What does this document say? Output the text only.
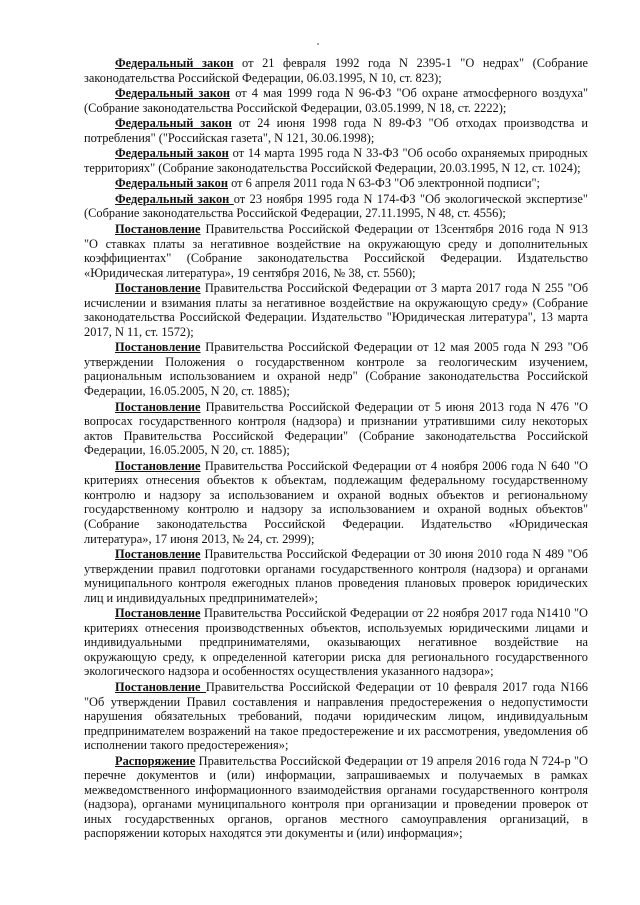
Федеральный закон от 21 февраля 1992 года N 2395-1 "О недрах" (Собрание законодательства Российской Федерации, 06.03.1995, N 10, ст. 823);

Федеральный закон от 4 мая 1999 года N 96-ФЗ "Об охране атмосферного воздуха" (Собрание законодательства Российской Федерации, 03.05.1999, N 18, ст. 2222);

Федеральный закон от 24 июня 1998 года N 89-ФЗ "Об отходах производства и потребления" ("Российская газета", N 121, 30.06.1998);

Федеральный закон от 14 марта 1995 года N 33-ФЗ "Об особо охраняемых природных территориях" (Собрание законодательства Российской Федерации, 20.03.1995, N 12, ст. 1024);

Федеральный закон от 6 апреля 2011 года N 63-ФЗ "Об электронной подписи";

Федеральный закон от 23 ноября 1995 года N 174-ФЗ "Об экологической экспертизе" (Собрание законодательства Российской Федерации, 27.11.1995, N 48, ст. 4556);

Постановление Правительства Российской Федерации от 13сентября 2016 года N 913 "О ставках платы за негативное воздействие на окружающую среду и дополнительных коэффициентах" (Собрание законодательства Российской Федерации. Издательство «Юридическая литература», 19 сентября 2016, № 38, ст. 5560);

Постановление Правительства Российской Федерации от 3 марта 2017 года N 255 "Об исчислении и взимания платы за негативное воздействие на окружающую среду» (Собрание законодательства Российской Федерации. Издательство "Юридическая литература", 13 марта 2017, N 11, ст. 1572);

Постановление Правительства Российской Федерации от 12 мая 2005 года N 293 "Об утверждении Положения о государственном контроле за геологическим изучением, рациональным использованием и охраной недр" (Собрание законодательства Российской Федерации, 16.05.2005, N 20, ст. 1885);

Постановление Правительства Российской Федерации от 5 июня 2013 года N 476 "О вопросах государственного контроля (надзора) и признании утратившими силу некоторых актов Правительства Российской Федерации" (Собрание законодательства Российской Федерации, 16.05.2005, N 20, ст. 1885);

Постановление Правительства Российской Федерации от 4 ноября 2006 года N 640 "О критериях отнесения объектов к объектам, подлежащим федеральному государственному контролю и надзору за использованием и охраной водных объектов и региональному государственному контролю и надзору за использованием и охраной водных объектов" (Собрание законодательства Российской Федерации. Издательство «Юридическая литература», 17 июня 2013, № 24, ст. 2999);

Постановление Правительства Российской Федерации от 30 июня 2010 года N 489 "Об утверждении правил подготовки органами государственного контроля (надзора) и органами муниципального контроля ежегодных планов проведения плановых проверок юридических лиц и индивидуальных предпринимателей»;

Постановление Правительства Российской Федерации от 22 ноября 2017 года N1410 "О критериях отнесения производственных объектов, используемых юридическими лицами и индивидуальными предпринимателями, оказывающих негативное воздействие на окружающую среду, к определенной категории риска для регионального государственного экологического надзора и особенностях осуществления указанного надзора»;

Постановление Правительства Российской Федерации от 10 февраля 2017 года N166 "Об утверждении Правил составления и направления предостережения о недопустимости нарушения обязательных требований, подачи юридическим лицом, индивидуальным предпринимателем возражений на такое предостережение и их рассмотрения, уведомления об исполнении такого предостережения»;

Распоряжение Правительства Российской Федерации от 19 апреля 2016 года N 724-р "О перечне документов и (или) информации, запрашиваемых и получаемых в рамках межведомственного информационного взаимодействия органами государственного контроля (надзора), органами муниципального контроля при организации и проведении проверок от иных государственных органов, органов местного самоуправления организаций, в распоряжении которых находятся эти документы и (или) информация»;
